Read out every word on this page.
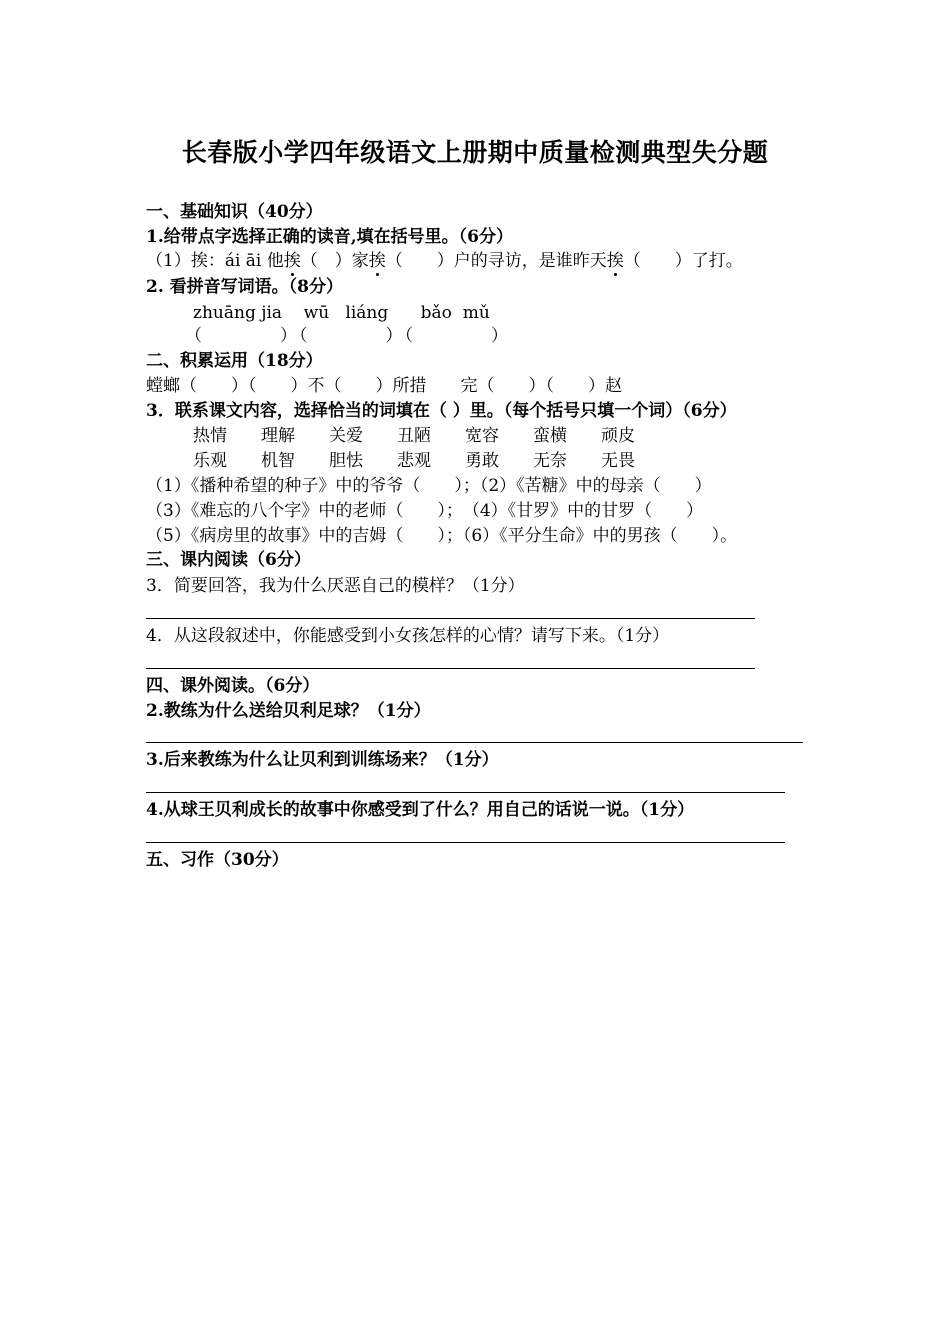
长春版小学四年级语文上册期中质量检测典型失分题
一、基础知识（40分）
1.给带点字选择正确的读音,填在括号里。（6分）
（1）挨：ái āi 他挨（　）家挨（　　）户的寻访，是谁昨天挨（　　）了打。
2. 看拼音写词语。（8分）
zhuāng jia    wū   liáng      bǎo  mǔ
（　　　　）（　　　　）（　　　　）
二、积累运用（18分）
螳螂（　　）（　　）不（　　）所措　　完（　　）（　　）赵
3．联系课文内容，选择恰当的词填在（ ）里。（每个括号只填一个词）（6分）
热情　　理解　　关爱　　丑陋　　宽容　　蛮横　　顽皮
乐观　　机智　　胆怯　　悲观　　勇敢　　无奈　　无畏
（1）《播种希望的种子》中的爷爷（　　）；（2）《苦糖》中的母亲（　　）
（3）《难忘的八个字》中的老师（　　）；　（4）《甘罗》中的甘罗（　　）
（5）《病房里的故事》中的吉姆（　　）；（6）《平分生命》中的男孩（　　）。
三、课内阅读（6分）
3．简要回答，我为什么厌恶自己的模样？（1分）
4．从这段叙述中，你能感受到小女孩怎样的心情？请写下来。（1分）
四、课外阅读。（6分）
2.教练为什么送给贝利足球？（1分）
3.后来教练为什么让贝利到训练场来？（1分）
4.从球王贝利成长的故事中你感受到了什么？用自己的话说一说。（1分）
五、习作（30分）
